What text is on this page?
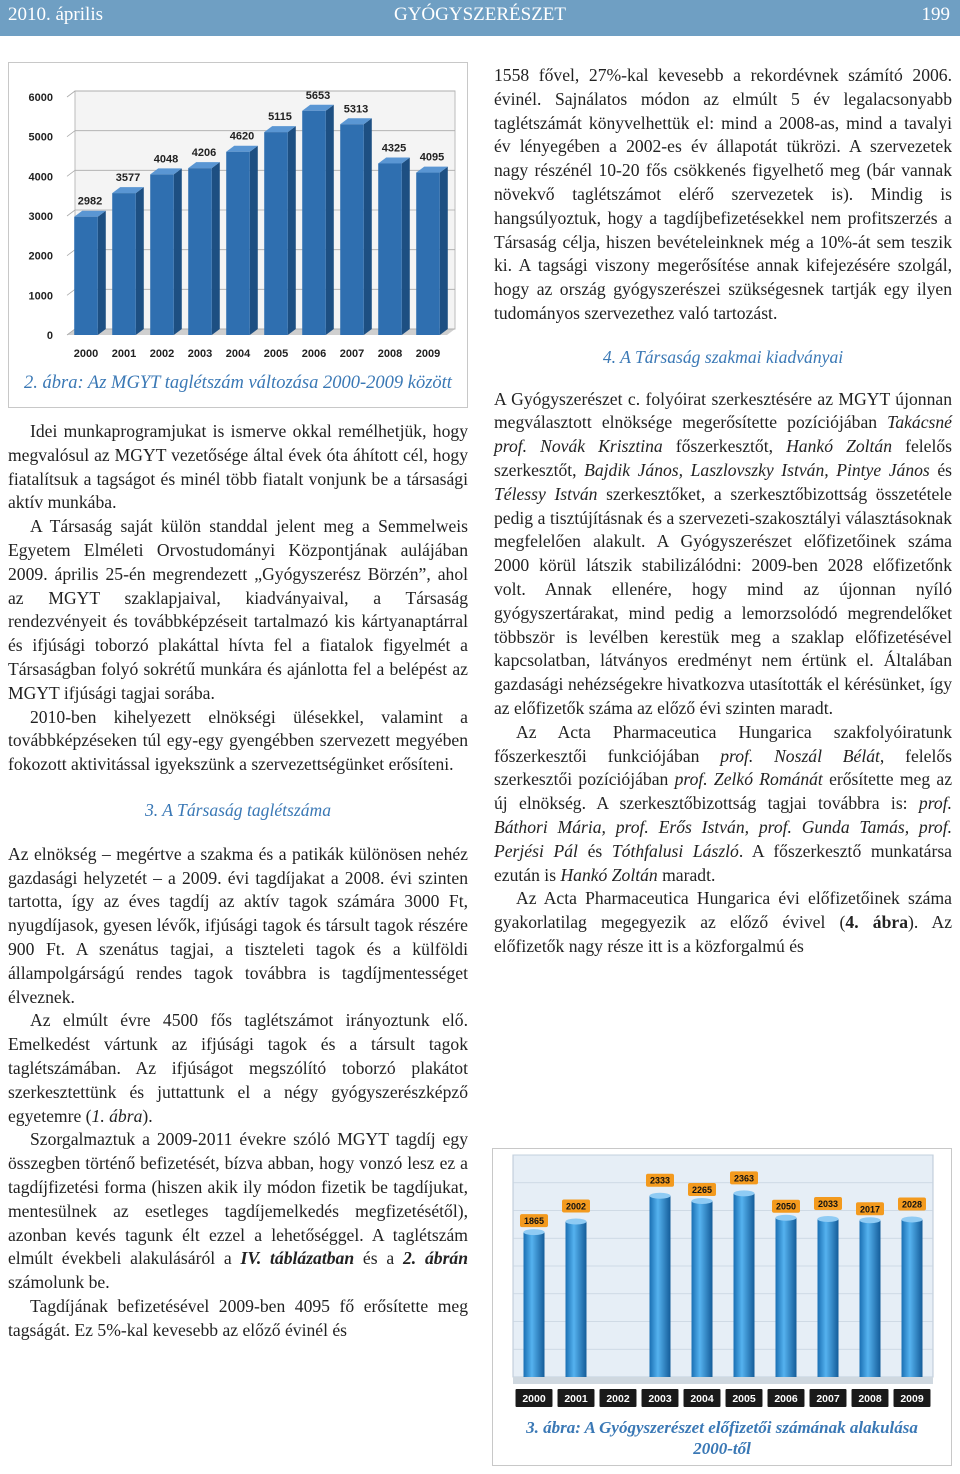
2010. április	GYÓGYSZERÉSZET	199
0
1000
2000
3000
4000
5000
6000
2982
2000
3577
2001
4048
2002
4206
2003
4620
2004
5115
2005
5653
2006
5313
2007
4325
2008
4095
2009
2. ábra: Az MGYT taglétszám változása 2000-2009 között

Idei munkaprogramjukat is ismerve okkal remélhetjük, hogy megvalósul az MGYT vezetősége által évek óta áhított cél, hogy fiatalítsuk a tagságot és minél több fiatalt vonjunk be a társasági aktív munkába.

A Társaság saját külön standdal jelent meg a Semmelweis Egyetem Elméleti Orvostudományi Központjának aulájában 2009. április 25-én megrendezett „Gyógyszerész Börzén”, ahol az MGYT szaklapjaival, kiadványaival, a Társaság rendezvényeit és továbbképzéseit tartalmazó kis kártyanaptárral és ifjúsági toborzó plakáttal hívta fel a fiatalok figyelmét a Társaságban folyó sokrétű munkára és ajánlotta fel a belépést az MGYT ifjúsági tagjai sorába.

2010-ben kihelyezett elnökségi ülésekkel, valamint a továbbképzéseken túl egy-egy gyengébben szervezett megyében fokozott aktivitással igyekszünk a szervezettségünket erősíteni.

3. A Társaság taglétszáma

Az elnökség – megértve a szakma és a patikák különösen nehéz gazdasági helyzetét – a 2009. évi tagdíjakat a 2008. évi szinten tartotta, így az éves tagdíj az aktív tagok számára 3000 Ft, nyugdíjasok, gyesen lévők, ifjúsági tagok és társult tagok részére 900 Ft. A szenátus tagjai, a tiszteleti tagok és a külföldi állampolgárságú rendes tagok továbbra is tagdíjmentességet élveznek.

Az elmúlt évre 4500 fős taglétszámot irányoztunk elő. Emelkedést vártunk az ifjúsági tagok és a társult tagok taglétszámában. Az ifjúságot megszólító toborzó plakátot szerkesztettünk és juttattunk el a négy gyógyszerészképző egyetemre (1. ábra).

Szorgalmaztuk a 2009-2011 évekre szóló MGYT tagdíj egy összegben történő befizetését, bízva abban, hogy vonzó lesz ez a tagdíjfizetési forma (hiszen akik ily módon fizetik be tagdíjukat, mentesülnek az esetleges tagdíjemelkedés megfizetésétől), azonban kevés tagunk élt ezzel a lehetőséggel. A taglétszám elmúlt évekbeli alakulásáról a IV. táblázatban és a 2. ábrán számolunk be.

Tagdíjának befizetésével 2009-ben 4095 fő erősítette meg tagságát. Ez 5%-kal kevesebb az előző évinél és

1558 fővel, 27%-kal kevesebb a rekordévnek számító 2006. évinél. Sajnálatos módon az elmúlt 5 év legalacsonyabb taglétszámát könyvelhettük el: mind a 2008-as, mind a tavalyi év lényegében a 2002-es év állapotát tükrözi. A szervezetek nagy részénél 10-20 fős csökkenés figyelhető meg (bár vannak növekvő taglétszámot elérő szervezetek is). Mindig is hangsúlyoztuk, hogy a tagdíjbefizetésekkel nem profitszerzés a Társaság célja, hiszen bevételeinknek még a 10%-át sem teszik ki. A tagsági viszony megerősítése annak kifejezésére szolgál, hogy az ország gyógyszerészei szükségesnek tartják egy ilyen tudományos szervezethez való tartozást.

4. A Társaság szakmai kiadványai

A Gyógyszerészet c. folyóirat szerkesztésére az MGYT újonnan megválasztott elnöksége megerősítette pozíciójában Takácsné prof. Novák Krisztina főszerkesztőt, Hankó Zoltán felelős szerkesztőt, Bajdik János, Laszlovszky István, Pintye János és Télessy István szerkesztőket, a szerkesztőbizottság összetétele pedig a tisztújításnak és a szervezeti-szakosztályi választásoknak megfelelően alakult. A Gyógyszerészet előfizetőinek száma 2000 körül látszik stabilizálódni: 2009-ben 2028 előfizetőnk volt. Annak ellenére, hogy mind az újonnan nyíló gyógyszertárakat, mind pedig a lemorzsolódó megrendelőket többször is levélben kerestük meg a szaklap előfizetésével kapcsolatban, látványos eredményt nem értünk el. Általában gazdasági nehézségekre hivatkozva utasították el kérésünket, így az előfizetők száma az előző évi szinten maradt.

Az Acta Pharmaceutica Hungarica szakfolyóiratunk főszerkesztői funkciójában prof. Noszál Bélát, felelős szerkesztői pozíciójában prof. Zelkó Románát erősítette meg az új elnökség. A szerkesztőbizottság tagjai továbbra is: prof. Báthori Mária, prof. Erős István, prof. Gunda Tamás, prof. Perjési Pál és Tóthfalusi László. A főszerkesztő munkatársa ezután is Hankó Zoltán maradt.

Az Acta Pharmaceutica Hungarica évi előfizetőinek száma gyakorlatilag megegyezik az előző évivel (4. ábra). Az előfizetők nagy része itt is a közforgalmú és

1865
2000
2002
2001 2002
2333
2003
2265
2004
2363
2005
2050
2006
2033
2007
2017
2008
2028
2009
3. ábra: A Gyógyszerészet előfizetői számának alakulása
2000-től
